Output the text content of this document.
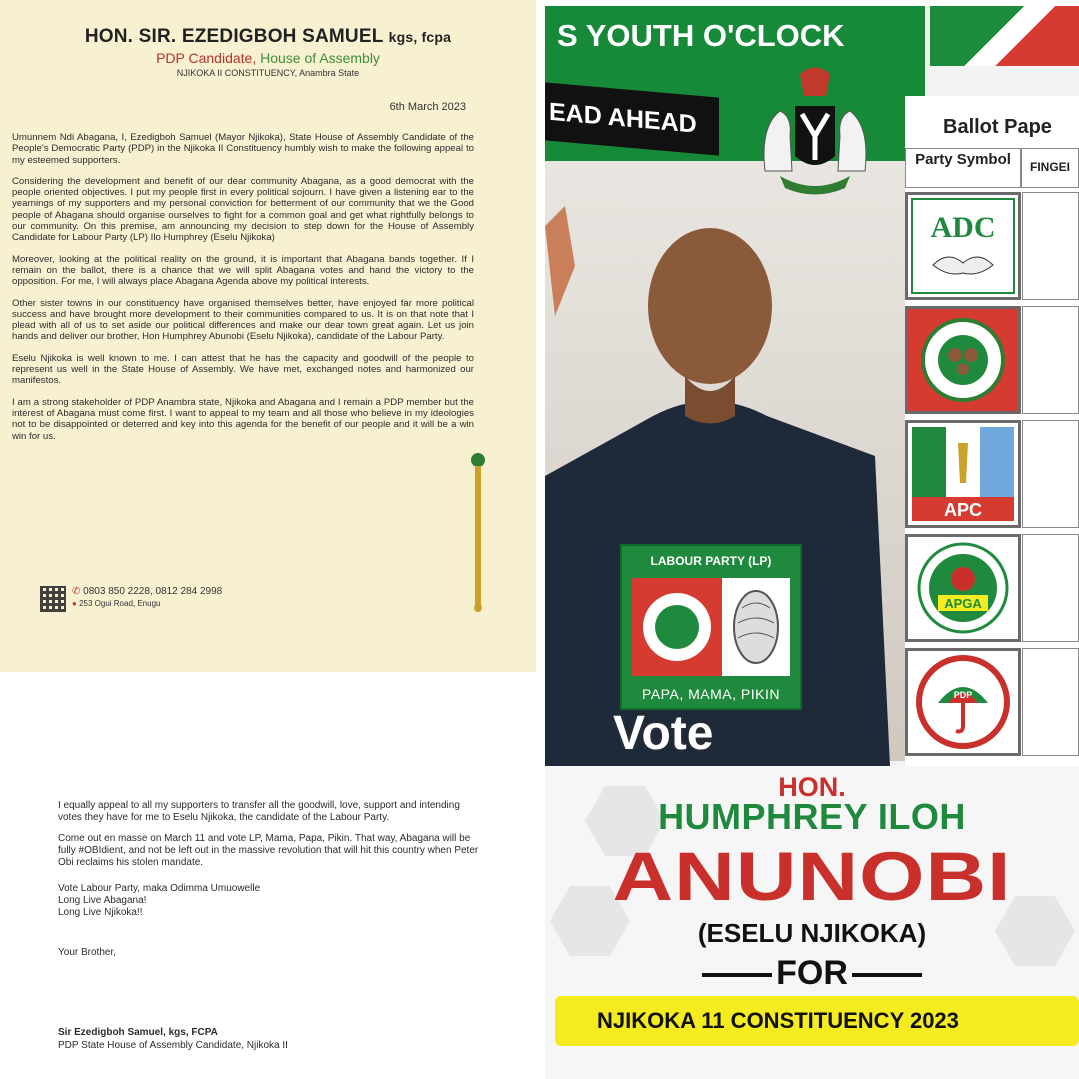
HON. SIR. EZEDIGBOH SAMUEL kgs, fcpa
PDP Candidate, House of Assembly
NJIKOKA II CONSTITUENCY, Anambra State
6th March 2023

Umunnem Ndi Abagana, I, Ezedigboh Samuel (Mayor Njikoka), State House of Assembly Candidate of the People's Democratic Party (PDP) in the Njikoka II Constituency humbly wish to make the following appeal to my esteemed supporters.

Considering the development and benefit of our dear community Abagana, as a good democrat with the people oriented objectives. I put my people first in every political sojourn. I have given a listening ear to the yearnings of my supporters and my personal conviction for betterment of our community that we the Good people of Abagana should organise ourselves to fight for a common goal and get what rightfully belongs to our community. On this premise, am announcing my decision to step down for the House of Assembly Candidate for Labour Party (LP) Ilo Humphrey (Eselu Njikoka)

Moreover, looking at the political reality on the ground, it is important that Abagana bands together. If I remain on the ballot, there is a chance that we will split Abagana votes and hand the victory to the opposition. For me, I will always place Abagana Agenda above my political interests.

Other sister towns in our constituency have organised themselves better, have enjoyed far more political success and have brought more development to their communities compared to us. It is on that note that I plead with all of us to set aside our political differences and make our dear town great again. Let us join hands and deliver our brother, Hon Humphrey Abunobi (Eselu Njikoka), candidate of the Labour Party.

Eselu Njikoka is well known to me. I can attest that he has the capacity and goodwill of the people to represent us well in the State House of Assembly. We have met, exchanged notes and harmonized our manifestos.

I am a strong stakeholder of PDP Anambra state, Njikoka and Abagana and I remain a PDP member but the interest of Abagana must come first. I want to appeal to my team and all those who believe in my ideologies not to be disappointed or deterred and key into this agenda for the benefit of our people and it will be a win win for us.

✆ 0803 850 2228, 0812 284 2998
● 253 Ogui Road, Enugu

I equally appeal to all my supporters to transfer all the goodwill, love, support and intending votes they have for me to Eselu Njikoka, the candidate of the Labour Party.

Come out en masse on March 11 and vote LP, Mama, Papa, Pikin. That way, Abagana will be fully #OBIdient, and not be left out in the massive revolution that will hit this country when Peter Obi reclaims his stolen mandate.

Vote Labour Party, maka Odimma Umuowelle

Long Live Abagana!

Long Live Njikoka!!

Your Brother,

Sir Ezedigboh Samuel, kgs, FCPA
PDP State House of Assembly Candidate, Njikoka II
S YOUTH O'CLOCK
EAD AHEAD	Ballot Pape
Party Symbol	FINGEI
ADC
APC
APGA
PDP
LABOUR PARTY (LP)
PAPA, MAMA, PIKIN
Vote
HON.
HUMPHREY ILOH
ANUNOBI
(ESELU NJIKOKA)
FOR
NJIKOKA 11 CONSTITUENCY 2023
